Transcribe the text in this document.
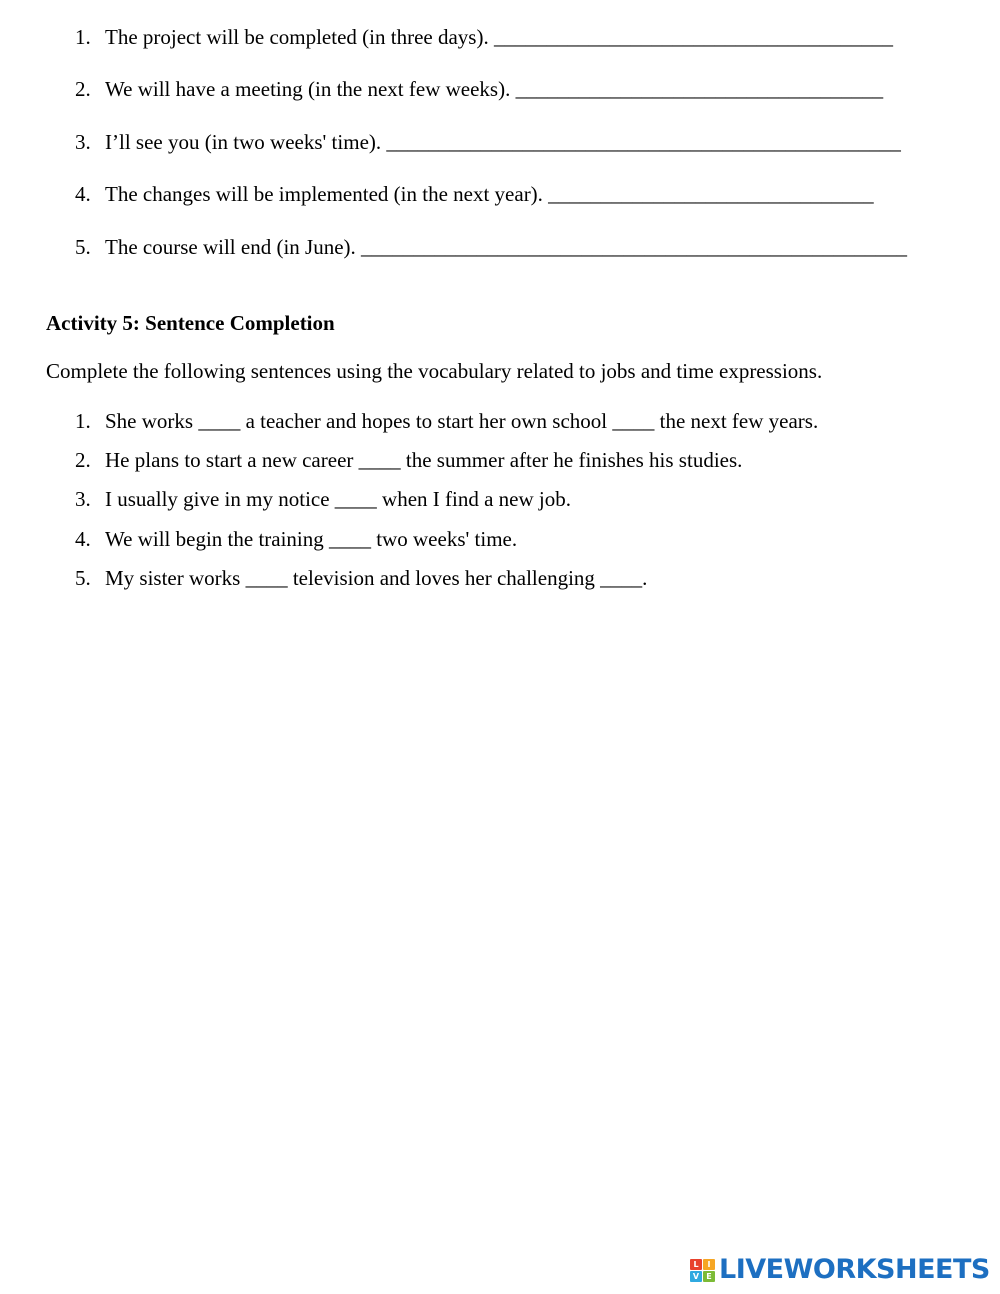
1. The project will be completed (in three days). ______________________________________
2. We will have a meeting (in the next few weeks). ___________________________________
3. I’ll see you (in two weeks' time). _________________________________________________
4. The changes will be implemented (in the next year). _______________________________
5. The course will end (in June). ____________________________________________________
Activity 5: Sentence Completion
Complete the following sentences using the vocabulary related to jobs and time expressions.
1. She works ____ a teacher and hopes to start her own school ____ the next few years.
2. He plans to start a new career ____ the summer after he finishes his studies.
3. I usually give in my notice ____ when I find a new job.
4. We will begin the training ____ two weeks' time.
5. My sister works ____ television and loves her challenging ____.
L	I
V E LIVEWORKSHEETS
